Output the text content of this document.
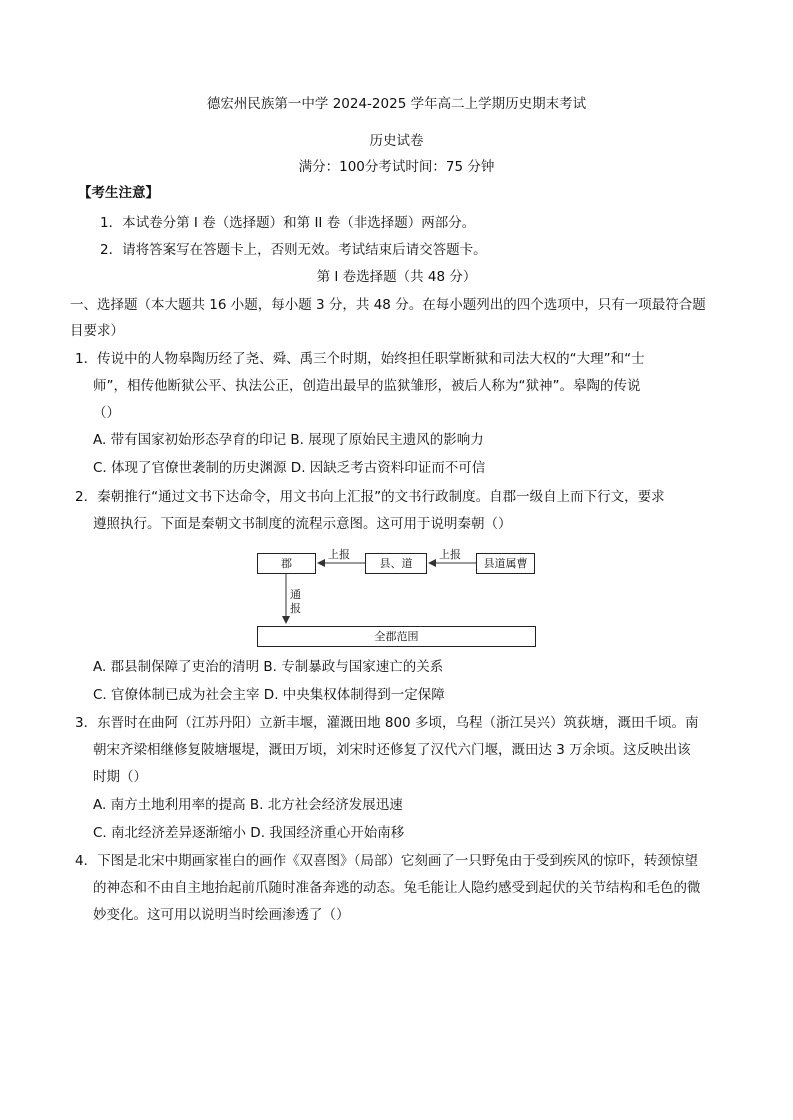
德宏州民族第一中学 2024-2025 学年高二上学期历史期末考试
历史试卷
满分：100分考试时间：75 分钟
【考生注意】
1．本试卷分第 I 卷（选择题）和第 II 卷（非选择题）两部分。
2．请将答案写在答题卡上，否则无效。考试结束后请交答题卡。
第 I 卷选择题（共 48 分）
一、选择题（本大题共 16 小题，每小题 3 分，共 48 分。在每小题列出的四个选项中，只有一项最符合题
目要求）
1．传说中的人物皋陶历经了尧、舜、禹三个时期，始终担任职掌断狱和司法大权的“大理”和“士
师”，相传他断狱公平、执法公正，创造出最早的监狱雏形，被后人称为“狱神”。皋陶的传说
（）
A. 带有国家初始形态孕育的印记 B. 展现了原始民主遗风的影响力
C. 体现了官僚世袭制的历史渊源 D. 因缺乏考古资料印证而不可信
2．秦朝推行“通过文书下达命令，用文书向上汇报”的文书行政制度。自郡一级自上而下行文，要求
遵照执行。下面是秦朝文书制度的流程示意图。这可用于说明秦朝（）
郡	县、道	县道属曹
全郡范围
上报	上报
通
报
A. 郡县制保障了吏治的清明 B. 专制暴政与国家速亡的关系
C. 官僚体制已成为社会主宰 D. 中央集权体制得到一定保障
3．东晋时在曲阿（江苏丹阳）立新丰堰，灌溉田地 800 多顷，乌程（浙江吴兴）筑荻塘，溉田千顷。南
朝宋齐梁相继修复陂塘堰堤，溉田万顷，刘宋时还修复了汉代六门堰，溉田达 3 万余顷。这反映出该
时期（）
A. 南方土地利用率的提高 B. 北方社会经济发展迅速
C. 南北经济差异逐渐缩小 D. 我国经济重心开始南移
4．下图是北宋中期画家崔白的画作《双喜图》（局部）它刻画了一只野兔由于受到疾风的惊吓，转颈惊望
的神态和不由自主地抬起前爪随时准备奔逃的动态。兔毛能让人隐约感受到起伏的关节结构和毛色的微
妙变化。这可用以说明当时绘画渗透了（）
